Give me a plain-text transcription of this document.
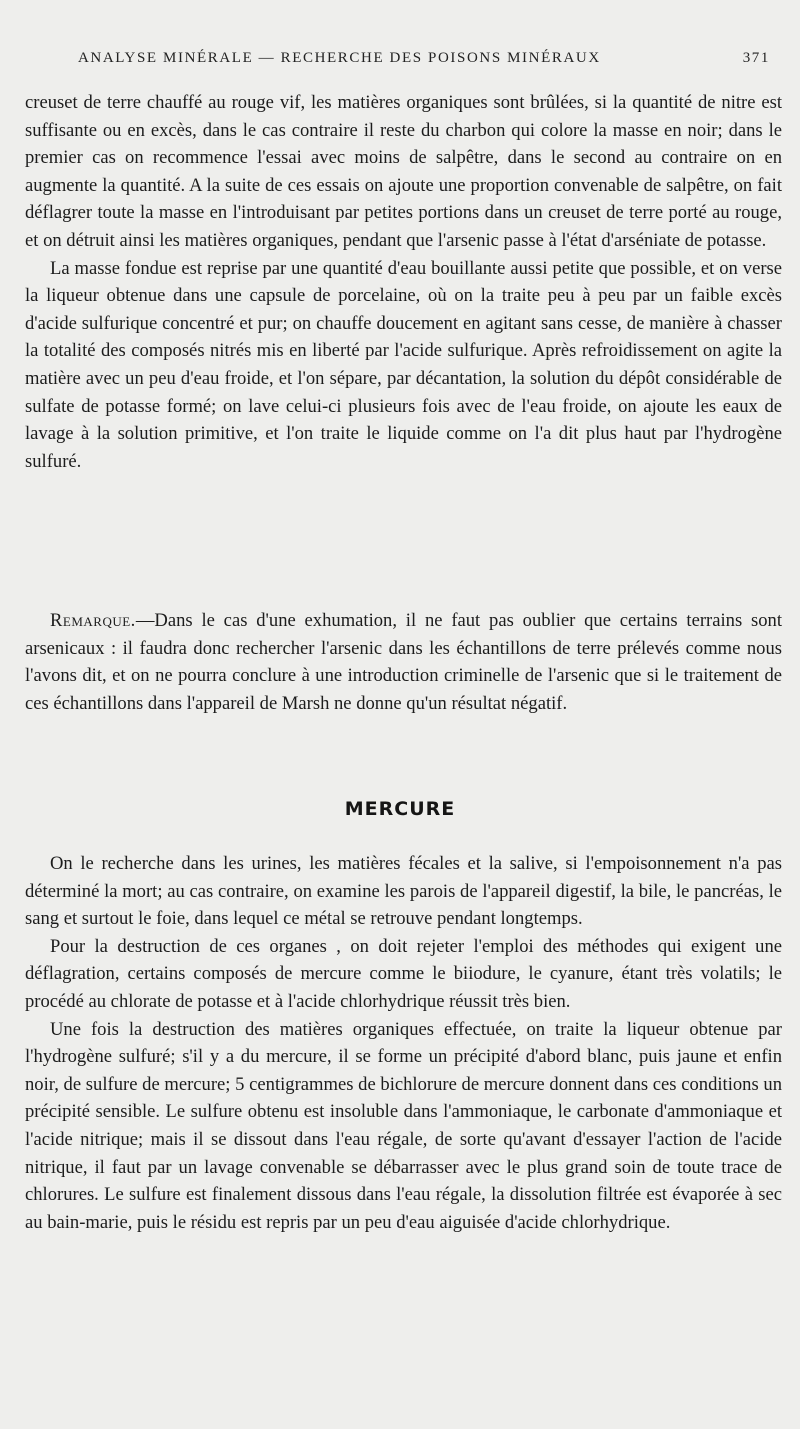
ANALYSE MINÉRALE — RECHERCHE DES POISONS MINÉRAUX	371

creuset de terre chauffé au rouge vif, les matières organiques sont brûlées, si la quantité de nitre est suffisante ou en excès, dans le cas contraire il reste du charbon qui colore la masse en noir; dans le premier cas on recommence l'essai avec moins de salpêtre, dans le second au contraire on en augmente la quantité. A la suite de ces essais on ajoute une proportion convenable de salpêtre, on fait déflagrer toute la masse en l'introduisant par petites portions dans un creuset de terre porté au rouge, et on détruit ainsi les matières organiques, pendant que l'arsenic passe à l'état d'arséniate de potasse.

La masse fondue est reprise par une quantité d'eau bouillante aussi petite que possible, et on verse la liqueur obtenue dans une capsule de porcelaine, où on la traite peu à peu par un faible excès d'acide sulfurique concentré et pur; on chauffe doucement en agitant sans cesse, de manière à chasser la totalité des composés nitrés mis en liberté par l'acide sulfurique. Après refroidissement on agite la matière avec un peu d'eau froide, et l'on sépare, par décantation, la solution du dépôt considérable de sulfate de potasse formé; on lave celui-ci plusieurs fois avec de l'eau froide, on ajoute les eaux de lavage à la solution primitive, et l'on traite le liquide comme on l'a dit plus haut par l'hydrogène sulfuré.

Remarque.—Dans le cas d'une exhumation, il ne faut pas oublier que certains terrains sont arsenicaux : il faudra donc rechercher l'arsenic dans les échantillons de terre prélevés comme nous l'avons dit, et on ne pourra conclure à une introduction criminelle de l'arsenic que si le traitement de ces échantillons dans l'appareil de Marsh ne donne qu'un résultat négatif.

MERCURE

On le recherche dans les urines, les matières fécales et la salive, si l'empoisonnement n'a pas déterminé la mort; au cas contraire, on examine les parois de l'appareil digestif, la bile, le pancréas, le sang et surtout le foie, dans lequel ce métal se retrouve pendant longtemps.

Pour la destruction de ces organes , on doit rejeter l'emploi des méthodes qui exigent une déflagration, certains composés de mercure comme le biiodure, le cyanure, étant très volatils; le procédé au chlorate de potasse et à l'acide chlorhydrique réussit très bien.

Une fois la destruction des matières organiques effectuée, on traite la liqueur obtenue par l'hydrogène sulfuré; s'il y a du mercure, il se forme un précipité d'abord blanc, puis jaune et enfin noir, de sulfure de mercure; 5 centigrammes de bichlorure de mercure donnent dans ces conditions un précipité sensible. Le sulfure obtenu est insoluble dans l'ammoniaque, le carbonate d'ammoniaque et l'acide nitrique; mais il se dissout dans l'eau régale, de sorte qu'avant d'essayer l'action de l'acide nitrique, il faut par un lavage convenable se débarrasser avec le plus grand soin de toute trace de chlorures. Le sulfure est finalement dissous dans l'eau régale, la dissolution filtrée est évaporée à sec au bain-marie, puis le résidu est repris par un peu d'eau aiguisée d'acide chlorhydrique.
